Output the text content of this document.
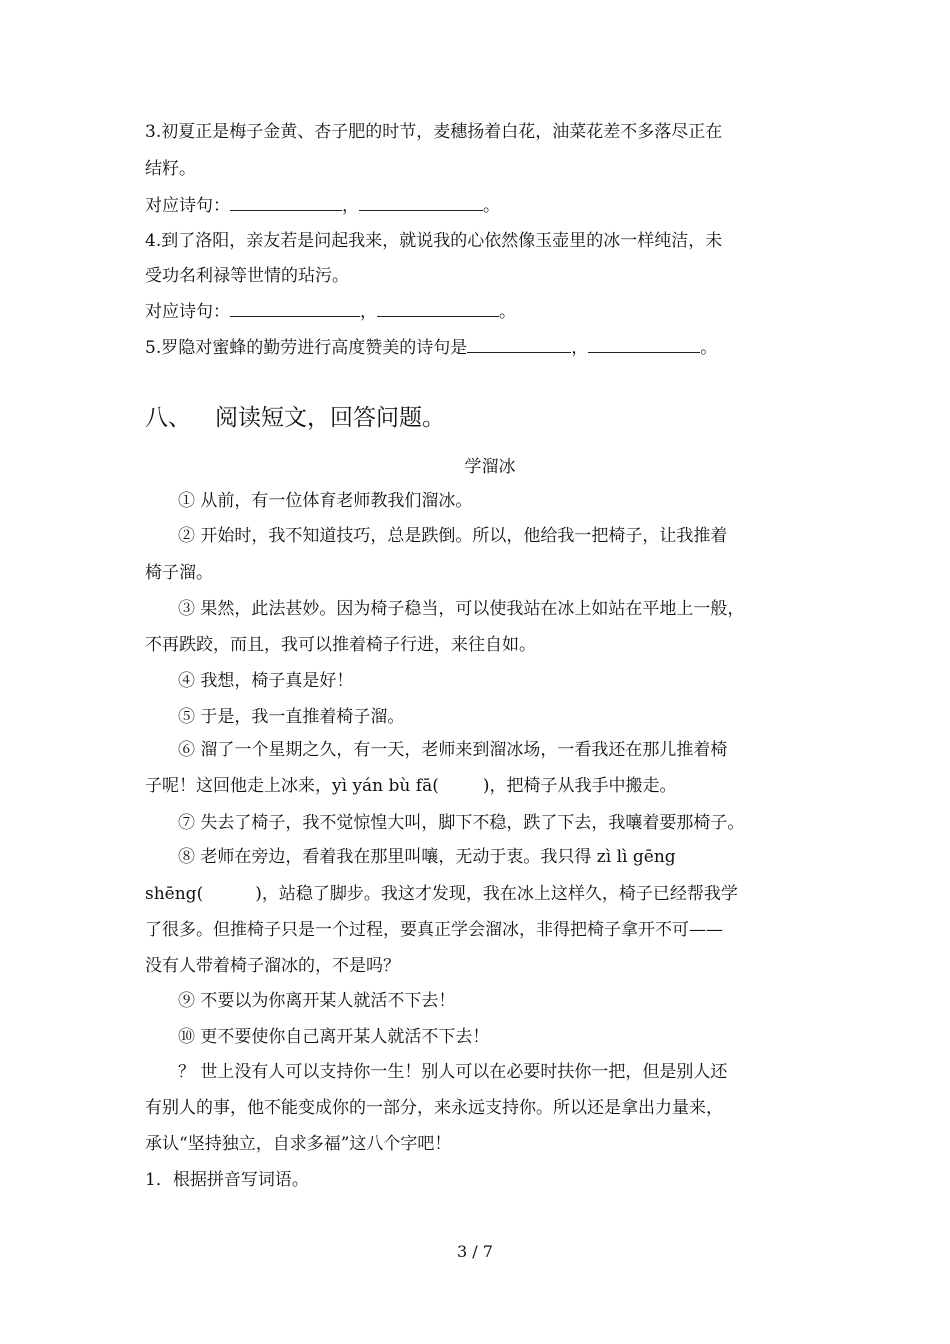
3.初夏正是梅子金黄、杏子肥的时节，麦穗扬着白花，油菜花差不多落尽正在
结籽。
对应诗句：	，	。
4.到了洛阳，亲友若是问起我来，就说我的心依然像玉壶里的冰一样纯洁，未
受功名利禄等世情的玷污。
对应诗句：	，	。
5.罗隐对蜜蜂的勤劳进行高度赞美的诗句是	，	。
八、 阅读短文，回答问题。
学溜冰
① 从前，有一位体育老师教我们溜冰。
② 开始时，我不知道技巧，总是跌倒。所以，他给我一把椅子，让我推着
椅子溜。
③ 果然，此法甚妙。因为椅子稳当，可以使我站在冰上如站在平地上一般，
不再跌跤，而且，我可以推着椅子行进，来往自如。
④ 我想，椅子真是好！
⑤ 于是，我一直推着椅子溜。
⑥ 溜了一个星期之久，有一天，老师来到溜冰场，一看我还在那儿推着椅
子呢！这回他走上冰来，yì yán bù fā(	)，把椅子从我手中搬走。
⑦ 失去了椅子，我不觉惊惶大叫，脚下不稳，跌了下去，我嚷着要那椅子。
⑧ 老师在旁边，看着我在那里叫嚷，无动于衷。我只得 zì lì gēng
shēng(	)，站稳了脚步。我这才发现，我在冰上这样久，椅子已经帮我学
了很多。但推椅子只是一个过程，要真正学会溜冰，非得把椅子拿开不可——
没有人带着椅子溜冰的，不是吗？
⑨ 不要以为你离开某人就活不下去！
⑩ 更不要使你自己离开某人就活不下去！
？ 世上没有人可以支持你一生！别人可以在必要时扶你一把，但是别人还
有别人的事，他不能变成你的一部分，来永远支持你。所以还是拿出力量来，
承认“坚持独立，自求多福”这八个字吧！
1．根据拼音写词语。
3 / 7
